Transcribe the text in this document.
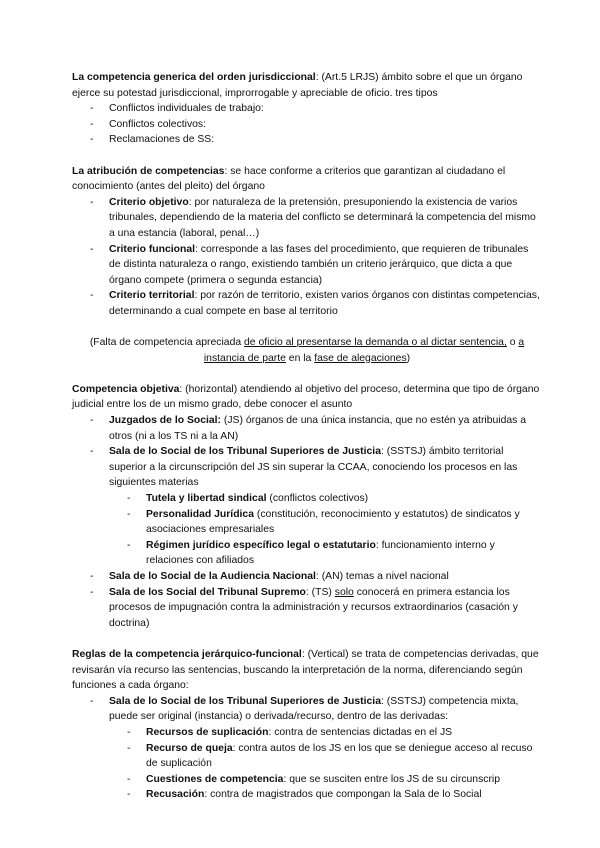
La competencia generica del orden jurisdiccional: (Art.5 LRJS) ámbito sobre el que un órgano ejerce su potestad jurisdiccional, improrrogable y apreciable de oficio. tres tipos

- Conflictos individuales de trabajo:
- Conflictos colectivos:
- Reclamaciones de SS:

La atribución de competencias: se hace conforme a criterios que garantizan al ciudadano el conocimiento (antes del pleito) del órgano

- Criterio objetivo: por naturaleza de la pretensión, presuponiendo la existencia de varios tribunales, dependiendo de la materia del conflicto se determinará la competencia del mismo a una estancia (laboral, penal…)
- Criterio funcional: corresponde a las fases del procedimiento, que requieren de tribunales de distinta naturaleza o rango, existiendo también un criterio jerárquico, que dicta a que órgano compete (primera o segunda estancia)
- Criterio territorial: por razón de territorio, existen varios órganos con distintas competencias, determinando a cual compete en base al territorio

(Falta de competencia apreciada de oficio al presentarse la demanda o al dictar sentencia, o a instancia de parte en la fase de alegaciones)

Competencia objetiva: (horizontal) atendiendo al objetivo del proceso, determina que tipo de órgano judicial entre los de un mismo grado, debe conocer el asunto

- Juzgados de lo Social: (JS) órganos de una única instancia, que no estén ya atribuidas a otros (ni a los TS ni a la AN)
- Sala de lo Social de los Tribunal Superiores de Justicia: (SSTSJ) ámbito territorial superior a la circunscripción del JS sin superar la CCAA, conociendo los procesos en las siguientes materias
- Tutela y libertad sindical (conflictos colectivos)
- Personalidad Jurídica (constitución, reconocimiento y estatutos) de sindicatos y asociaciones empresariales
- Régimen jurídico específico legal o estatutario: funcionamiento interno y relaciones con afiliados
- Sala de lo Social de la Audiencia Nacional: (AN) temas a nivel nacional
- Sala de los Social del Tribunal Supremo: (TS) solo conocerá en primera estancia los procesos de impugnación contra la administración y recursos extraordinarios (casación y doctrina)

Reglas de la competencia jerárquico-funcional: (Vertical) se trata de competencias derivadas, que revisarán vía recurso las sentencias, buscando la interpretación de la norma, diferenciando según funciones a cada órgano:

- Sala de lo Social de los Tribunal Superiores de Justicia: (SSTSJ) competencia mixta, puede ser original (instancia) o derivada/recurso, dentro de las derivadas:
- Recursos de suplicación: contra de sentencias dictadas en el JS
- Recurso de queja: contra autos de los JS en los que se deniegue acceso al recuso de suplicación
- Cuestiones de competencia: que se susciten entre los JS de su circunscrip
- Recusación: contra de magistrados que compongan la Sala de lo Social
